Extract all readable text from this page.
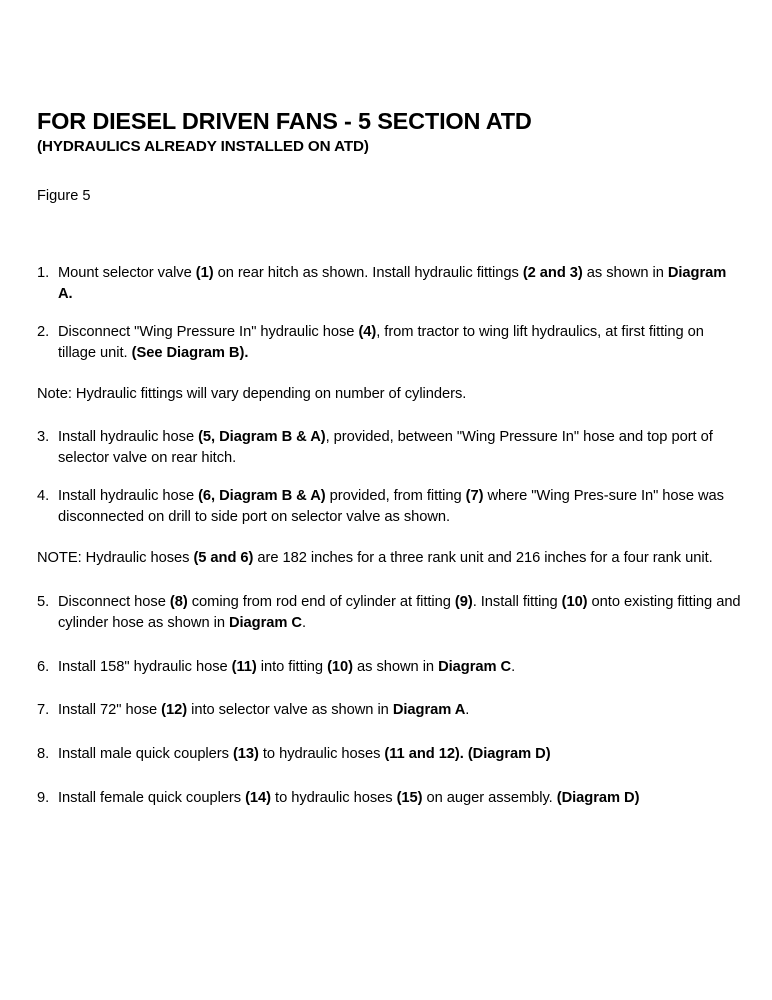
FOR DIESEL DRIVEN FANS - 5 SECTION ATD
(HYDRAULICS ALREADY INSTALLED ON ATD)
Figure 5

1. Mount selector valve (1) on rear hitch as shown. Install hydraulic fittings (2 and 3) as shown in Diagram A.

2. Disconnect "Wing Pressure In" hydraulic hose (4), from tractor to wing lift hydraulics, at first fitting on tillage unit. (See Diagram B).

Note: Hydraulic fittings will vary depending on number of cylinders.

3. Install hydraulic hose (5, Diagram B & A), provided, between "Wing Pressure In" hose and top port of selector valve on rear hitch.

4. Install hydraulic hose (6, Diagram B & A) provided, from fitting (7) where "Wing Pres-sure In" hose was disconnected on drill to side port on selector valve as shown.

NOTE: Hydraulic hoses (5 and 6) are 182 inches for a three rank unit and 216 inches for a four rank unit.

5. Disconnect hose (8) coming from rod end of cylinder at fitting (9). Install fitting (10) onto existing fitting and cylinder hose as shown in Diagram C.

6. Install 158" hydraulic hose (11) into fitting (10) as shown in Diagram C.

7. Install 72" hose (12) into selector valve as shown in Diagram A.

8. Install male quick couplers (13) to hydraulic hoses (11 and 12). (Diagram D)

9. Install female quick couplers (14) to hydraulic hoses (15) on auger assembly. (Diagram D)
